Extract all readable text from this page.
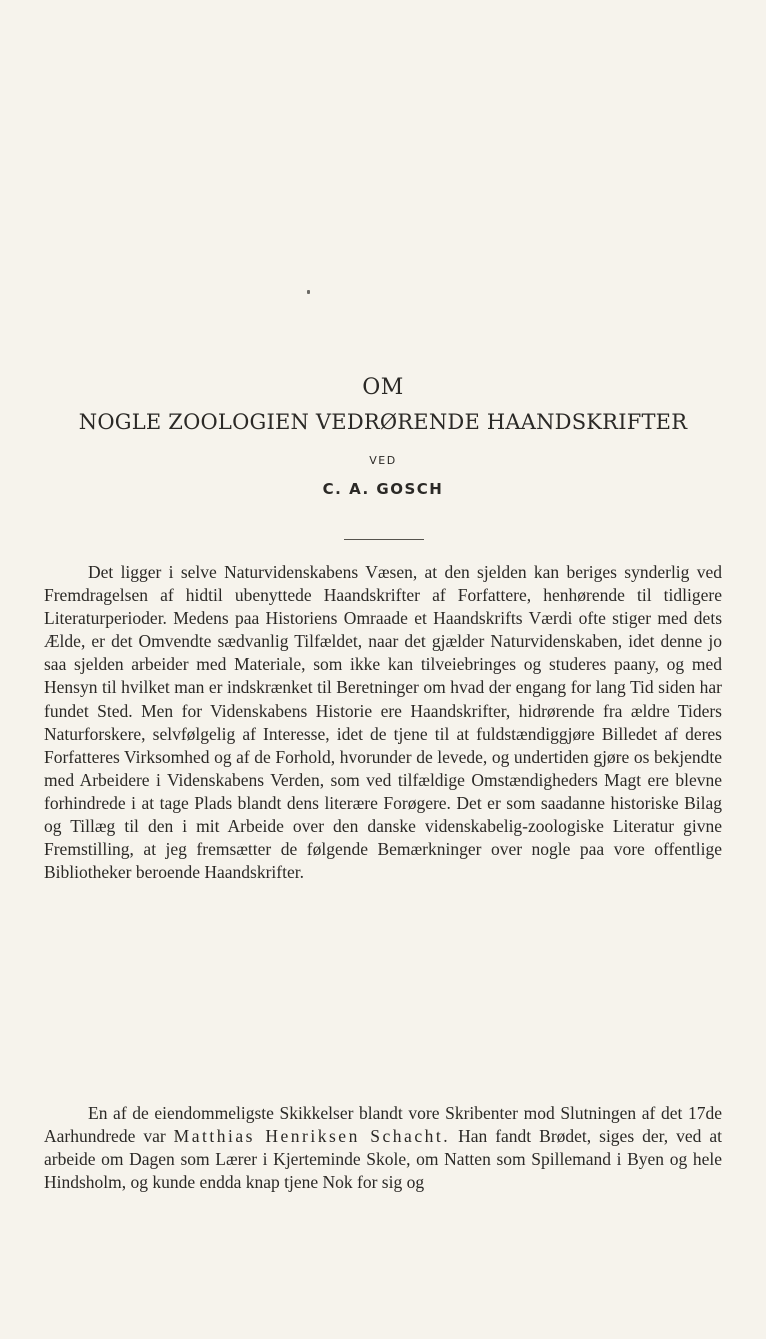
OM
NOGLE ZOOLOGIEN VEDRØRENDE HAANDSKRIFTER
VED
C. A. GOSCH

Det ligger i selve Naturvidenskabens Væsen, at den sjelden kan beriges synderlig ved Fremdragelsen af hidtil ubenyttede Haandskrifter af Forfattere, henhørende til tidligere Literaturperioder. Medens paa Historiens Omraade et Haandskrifts Værdi ofte stiger med dets Ælde, er det Omvendte sædvanlig Tilfældet, naar det gjælder Naturvidenskaben, idet denne jo saa sjelden arbeider med Materiale, som ikke kan tilveiebringes og studeres paany, og med Hensyn til hvilket man er indskrænket til Beretninger om hvad der engang for lang Tid siden har fundet Sted. Men for Videnskabens Historie ere Haandskrifter, hidrørende fra ældre Tiders Naturforskere, selvfølgelig af Interesse, idet de tjene til at fuldstændiggjøre Billedet af deres Forfatteres Virksomhed og af de Forhold, hvorunder de levede, og undertiden gjøre os bekjendte med Arbeidere i Videnskabens Verden, som ved tilfældige Omstændigheders Magt ere blevne forhindrede i at tage Plads blandt dens literære Forøgere. Det er som saadanne historiske Bilag og Tillæg til den i mit Arbeide over den danske videnskabelig-zoologiske Literatur givne Fremstilling, at jeg fremsætter de følgende Bemærkninger over nogle paa vore offentlige Bibliotheker beroende Haandskrifter.

En af de eiendommeligste Skikkelser blandt vore Skribenter mod Slutningen af det 17de Aarhundrede var Matthias Henriksen Schacht. Han fandt Brødet, siges der, ved at arbeide om Dagen som Lærer i Kjerteminde Skole, om Natten som Spillemand i Byen og hele Hindsholm, og kunde endda knap tjene Nok for sig og
